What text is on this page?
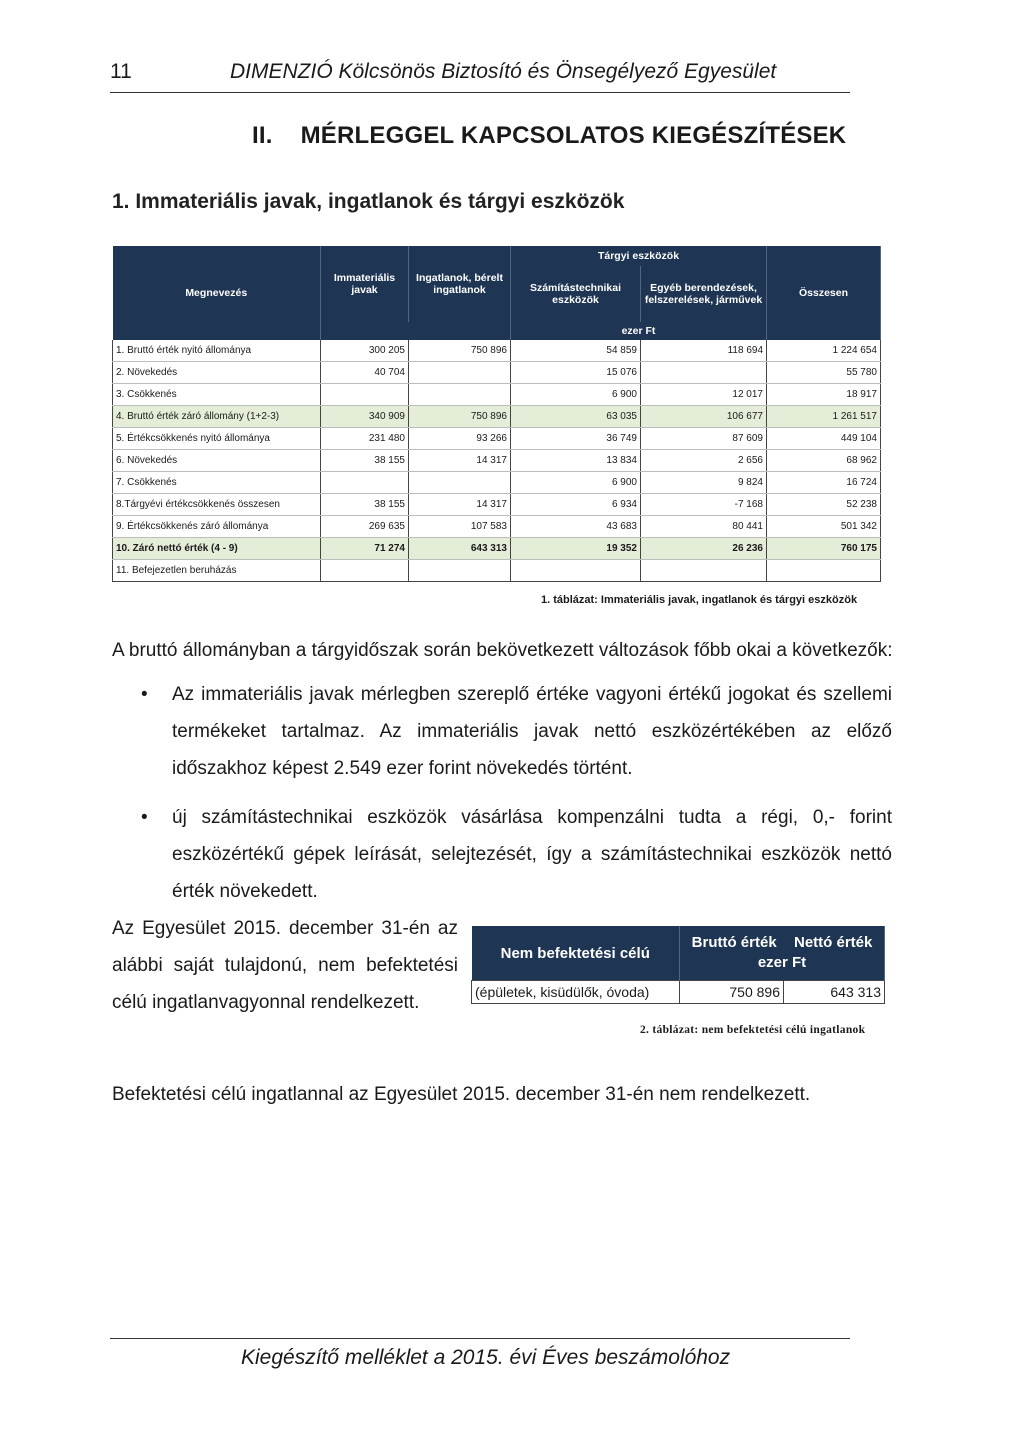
11	DIMENZIÓ Kölcsönös Biztosító és Önsegélyező Egyesület
II. MÉRLEGGEL KAPCSOLATOS KIEGÉSZÍTÉSEK
1. Immateriális javak, ingatlanok és tárgyi eszközök
Megnevezés	Immateriális javak	Ingatlanok, bérelt ingatlanok	Tárgyi eszközök		Összesen
			Számítástechnikai eszközök	Egyéb berendezések, felszerelések, járművek	
			ezer Ft		
1. Bruttó érték nyitó állománya	300 205	750 896	54 859	118 694	1 224 654
2. Növekedés	40 704		15 076		55 780
3. Csökkenés			6 900	12 017	18 917
4. Bruttó érték záró állomány (1+2-3)	340 909	750 896	63 035	106 677	1 261 517
5. Értékcsökkenés nyitó állománya	231 480	93 266	36 749	87 609	449 104
6. Növekedés	38 155	14 317	13 834	2 656	68 962
7. Csökkenés			6 900	9 824	16 724
8.Tárgyévi értékcsökkenés összesen	38 155	14 317	6 934	-7 168	52 238
9. Értékcsökkenés záró állománya	269 635	107 583	43 683	80 441	501 342
10. Záró nettó érték (4 - 9)	71 274	643 313	19 352	26 236	760 175
11. Befejezetlen beruházás					
1. táblázat: Immateriális javak, ingatlanok és tárgyi eszközök
A bruttó állományban a tárgyidőszak során bekövetkezett változások főbb okai a következők:
• Az immateriális javak mérlegben szereplő értéke vagyoni értékű jogokat és szellemi termékeket tartalmaz. Az immateriális javak nettó eszközértékében az előző időszakhoz képest 2.549 ezer forint növekedés történt.
• új számítástechnikai eszközök vásárlása kompenzálni tudta a régi, 0,- forint eszközértékű gépek leírását, selejtezését, így a számítástechnikai eszközök nettó érték növekedett.

Az Egyesület 2015. december 31-én az alábbi saját tulajdonú, nem befektetési célú ingatlanvagyonnal rendelkezett.

Nem befektetési célú	Bruttó érték Nettó érték
ezer Ft	

(épületek, kisüdülők, óvoda)	750 896	643 313
2. táblázat: nem befektetési célú ingatlanok
Befektetési célú ingatlannal az Egyesület 2015. december 31-én nem rendelkezett.
Kiegészítő melléklet a 2015. évi Éves beszámolóhoz
